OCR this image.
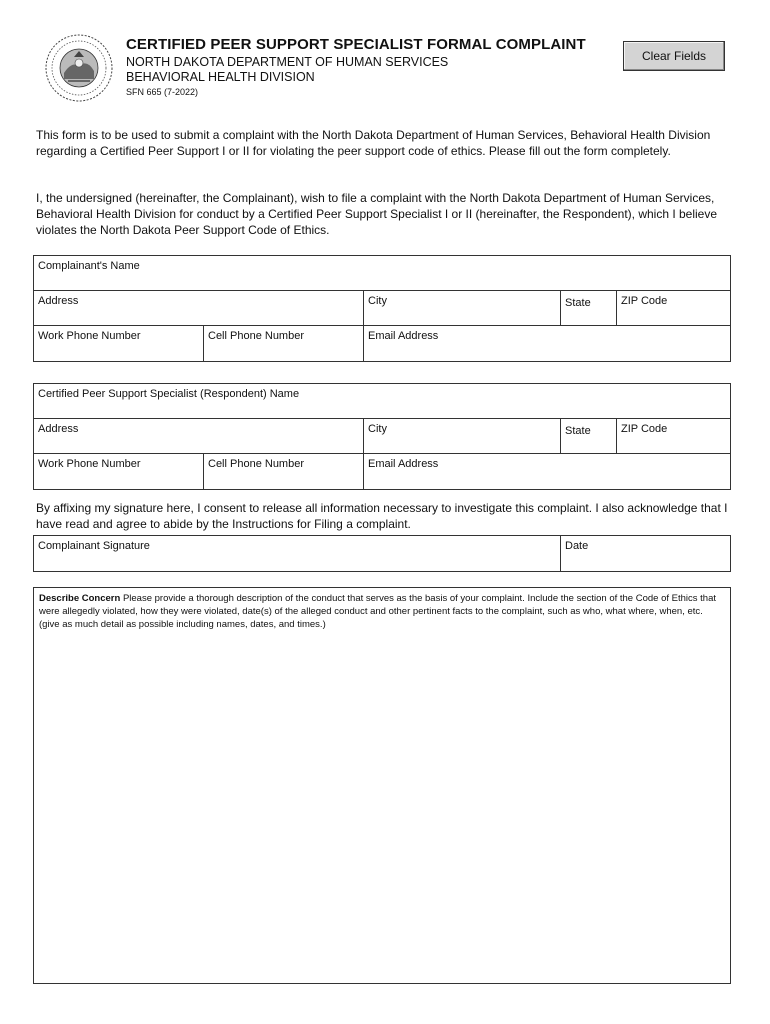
CERTIFIED PEER SUPPORT SPECIALIST FORMAL COMPLAINT
NORTH DAKOTA DEPARTMENT OF HUMAN SERVICES
BEHAVIORAL HEALTH DIVISION
SFN 665 (7-2022)
Clear Fields
This form is to be used to submit a complaint with the North Dakota Department of Human Services, Behavioral Health Division regarding a Certified Peer Support I or II for violating the peer support code of ethics. Please fill out the form completely.
I, the undersigned (hereinafter, the Complainant), wish to file a complaint with the North Dakota Department of Human Services, Behavioral Health Division for conduct by a Certified Peer Support Specialist I or II (hereinafter, the Respondent), which I believe violates the North Dakota Peer Support Code of Ethics.
Complainant's Name
Address	City	State	ZIP Code
Work Phone Number	Cell Phone Number	Email Address
Certified Peer Support Specialist (Respondent) Name
Address	City	State	ZIP Code
Work Phone Number	Cell Phone Number	Email Address
By affixing my signature here, I consent to release all information necessary to investigate this complaint. I also acknowledge that I have read and agree to abide by the Instructions for Filing a complaint.
Complainant Signature	Date
Describe Concern Please provide a thorough description of the conduct that serves as the basis of your complaint. Include the section of the Code of Ethics that were allegedly violated, how they were violated, date(s) of the alleged conduct and other pertinent facts to the complaint, such as who, what where, when, etc. (give as much detail as possible including names, dates, and times.)
